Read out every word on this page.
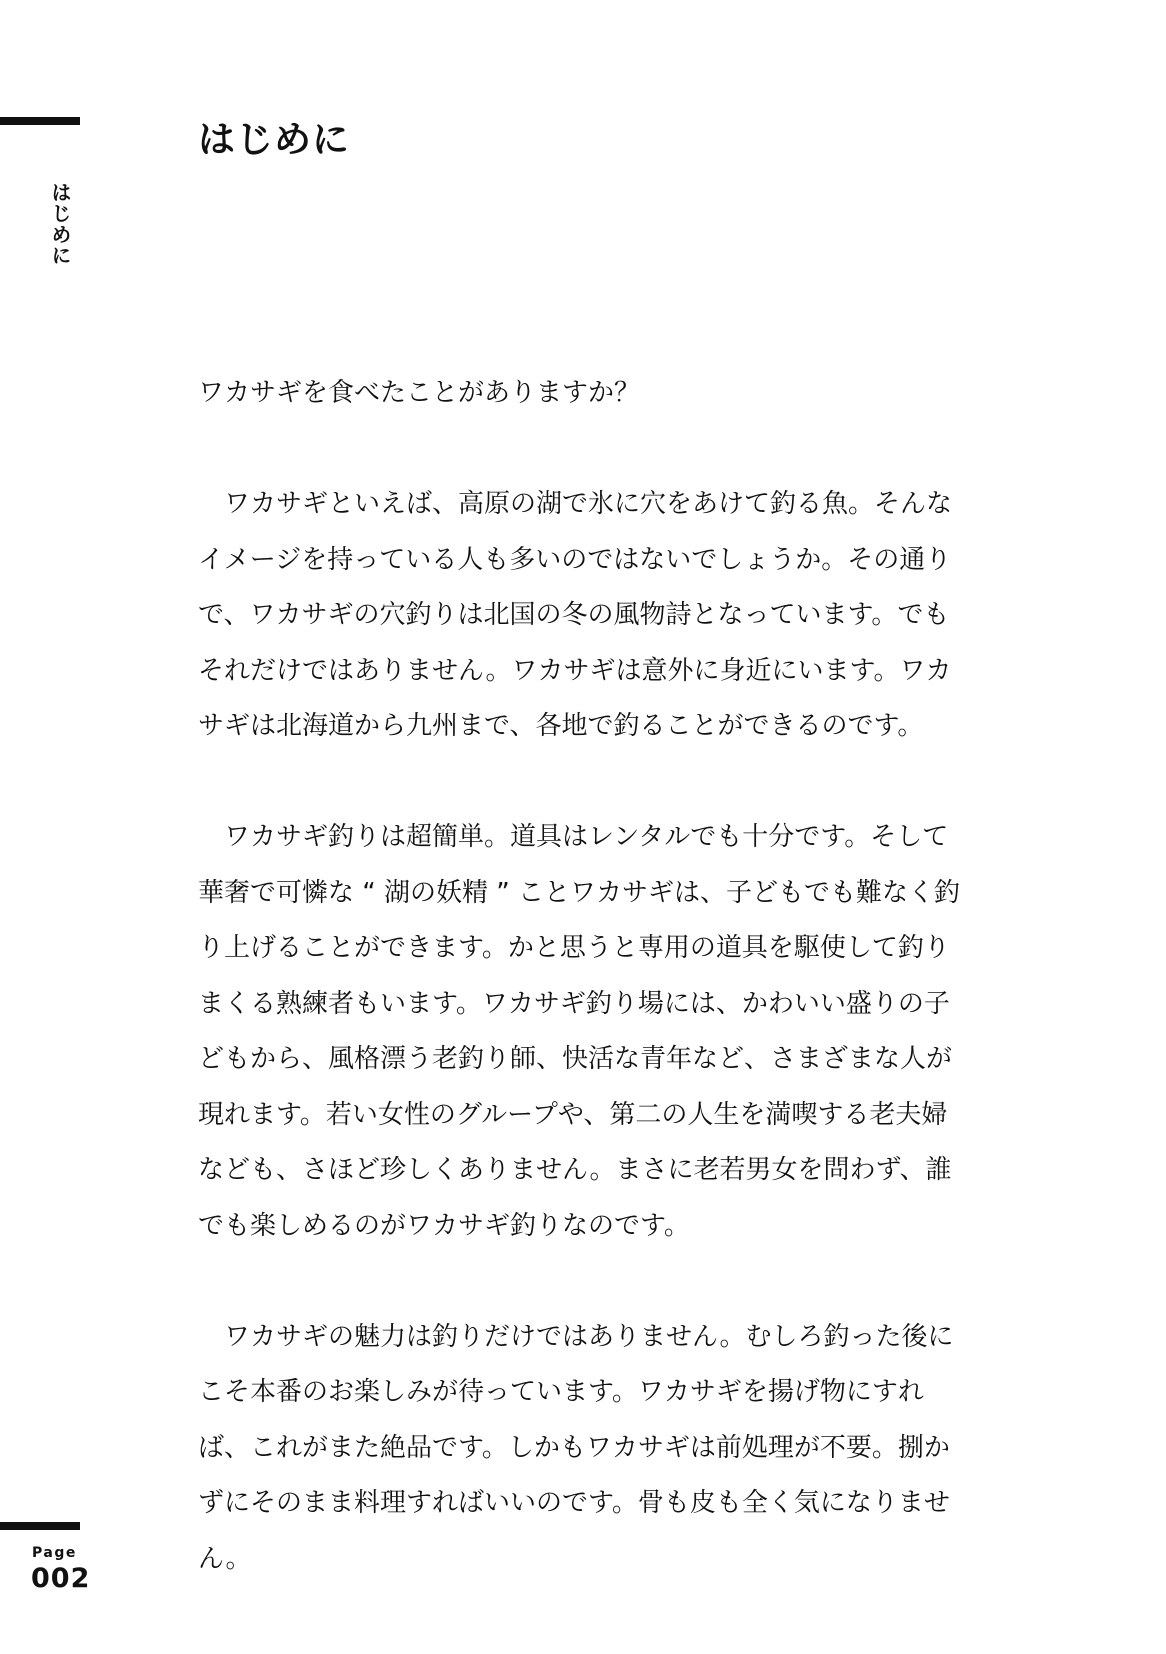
はじめに
はじめに

ワカサギを食べたことがありますか？

ワカサギといえば、高原の湖で氷に穴をあけて釣る魚。そんなイメージを持っている人も多いのではないでしょうか。その通りで、ワカサギの穴釣りは北国の冬の風物詩となっています。でもそれだけではありません。ワカサギは意外に身近にいます。ワカサギは北海道から九州まで、各地で釣ることができるのです。

ワカサギ釣りは超簡単。道具はレンタルでも十分です。そして華奢で可憐な “ 湖の妖精 ” ことワカサギは、子どもでも難なく釣り上げることができます。かと思うと専用の道具を駆使して釣りまくる熟練者もいます。ワカサギ釣り場には、かわいい盛りの子どもから、風格漂う老釣り師、快活な青年など、さまざまな人が現れます。若い女性のグループや、第二の人生を満喫する老夫婦なども、さほど珍しくありません。まさに老若男女を問わず、誰でも楽しめるのがワカサギ釣りなのです。

ワカサギの魅力は釣りだけではありません。むしろ釣った後にこそ本番のお楽しみが待っています。ワカサギを揚げ物にすれば、これがまた絶品です。しかもワカサギは前処理が不要。捌かずにそのまま料理すればいいのです。骨も皮も全く気になりません。

Page
002
